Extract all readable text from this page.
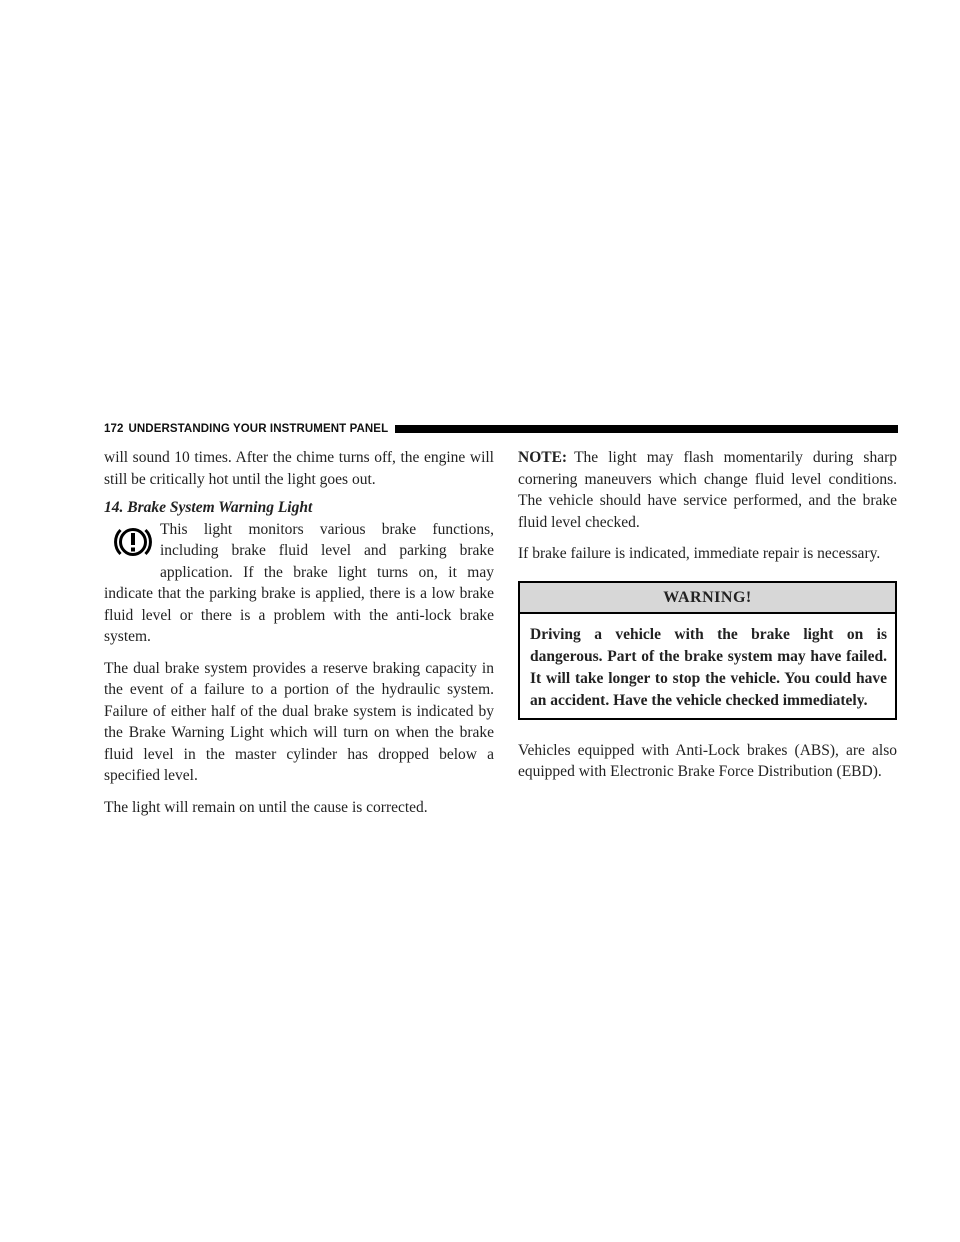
172 UNDERSTANDING YOUR INSTRUMENT PANEL

will sound 10 times. After the chime turns off, the engine will still be critically hot until the light goes out.

14. Brake System Warning Light

This light monitors various brake functions, including brake fluid level and parking brake application. If the brake light turns on, it may indicate that the parking brake is applied, there is a low brake fluid level or there is a problem with the anti-lock brake system.

The dual brake system provides a reserve braking capacity in the event of a failure to a portion of the hydraulic system. Failure of either half of the dual brake system is indicated by the Brake Warning Light which will turn on when the brake fluid level in the master cylinder has dropped below a specified level.

The light will remain on until the cause is corrected.

NOTE: The light may flash momentarily during sharp cornering maneuvers which change fluid level conditions. The vehicle should have service performed, and the brake fluid level checked.

If brake failure is indicated, immediate repair is necessary.

WARNING!
Driving a vehicle with the brake light on is dangerous. Part of the brake system may have failed. It will take longer to stop the vehicle. You could have an accident. Have the vehicle checked immediately.

Vehicles equipped with Anti-Lock brakes (ABS), are also equipped with Electronic Brake Force Distribution (EBD).
